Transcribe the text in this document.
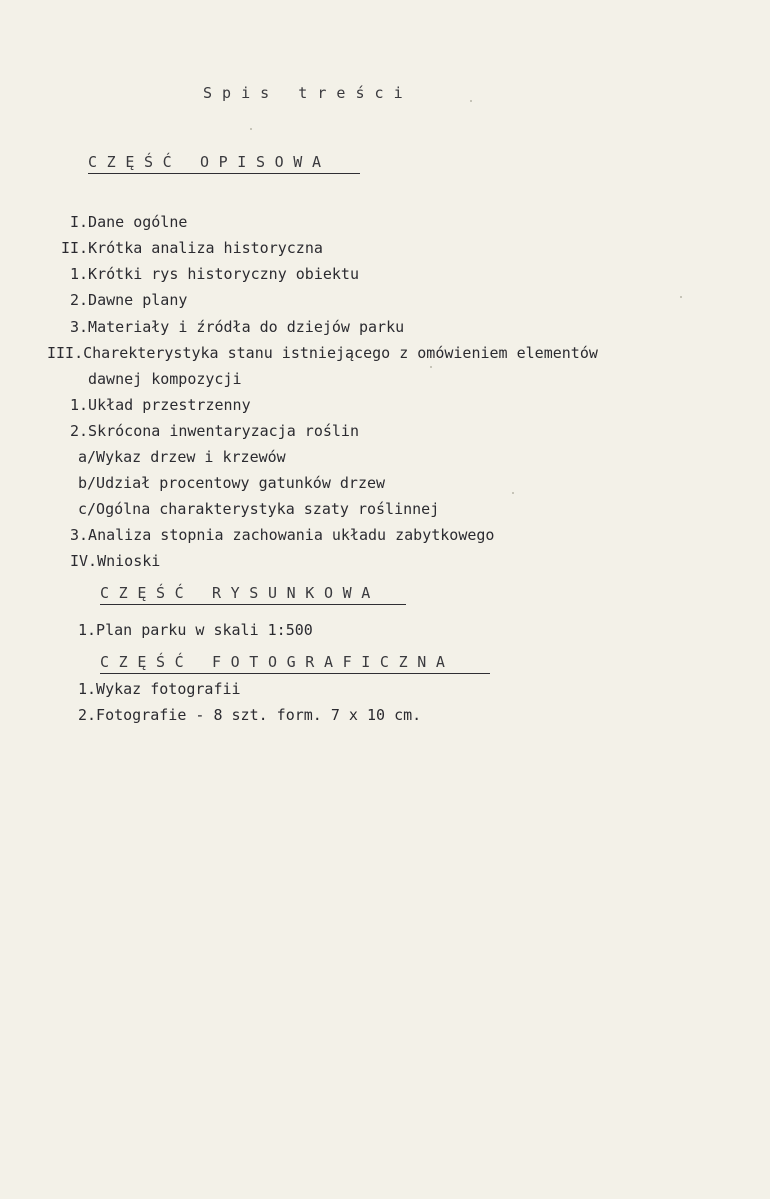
S p i s   t r e ś c i
C Z Ę Ś Ć   O P I S O W A
I.Dane ogólne
II.Krótka analiza historyczna
1.Krótki rys historyczny obiektu
2.Dawne plany
3.Materiały i źródła do dziejów parku
III.Charekterystyka stanu istniejącego z omówieniem elementów
dawnej kompozycji
1.Układ przestrzenny
2.Skrócona inwentaryzacja roślin
a/Wykaz drzew i krzewów
b/Udział procentowy gatunków drzew
c/Ogólna charakterystyka szaty roślinnej
3.Analiza stopnia zachowania układu zabytkowego
IV.Wnioski
C Z Ę Ś Ć   R Y S U N K O W A
1.Plan parku w skali 1:500
C Z Ę Ś Ć   F O T O G R A F I C Z N A
1.Wykaz fotografii
2.Fotografie - 8 szt. form. 7 x 10 cm.
